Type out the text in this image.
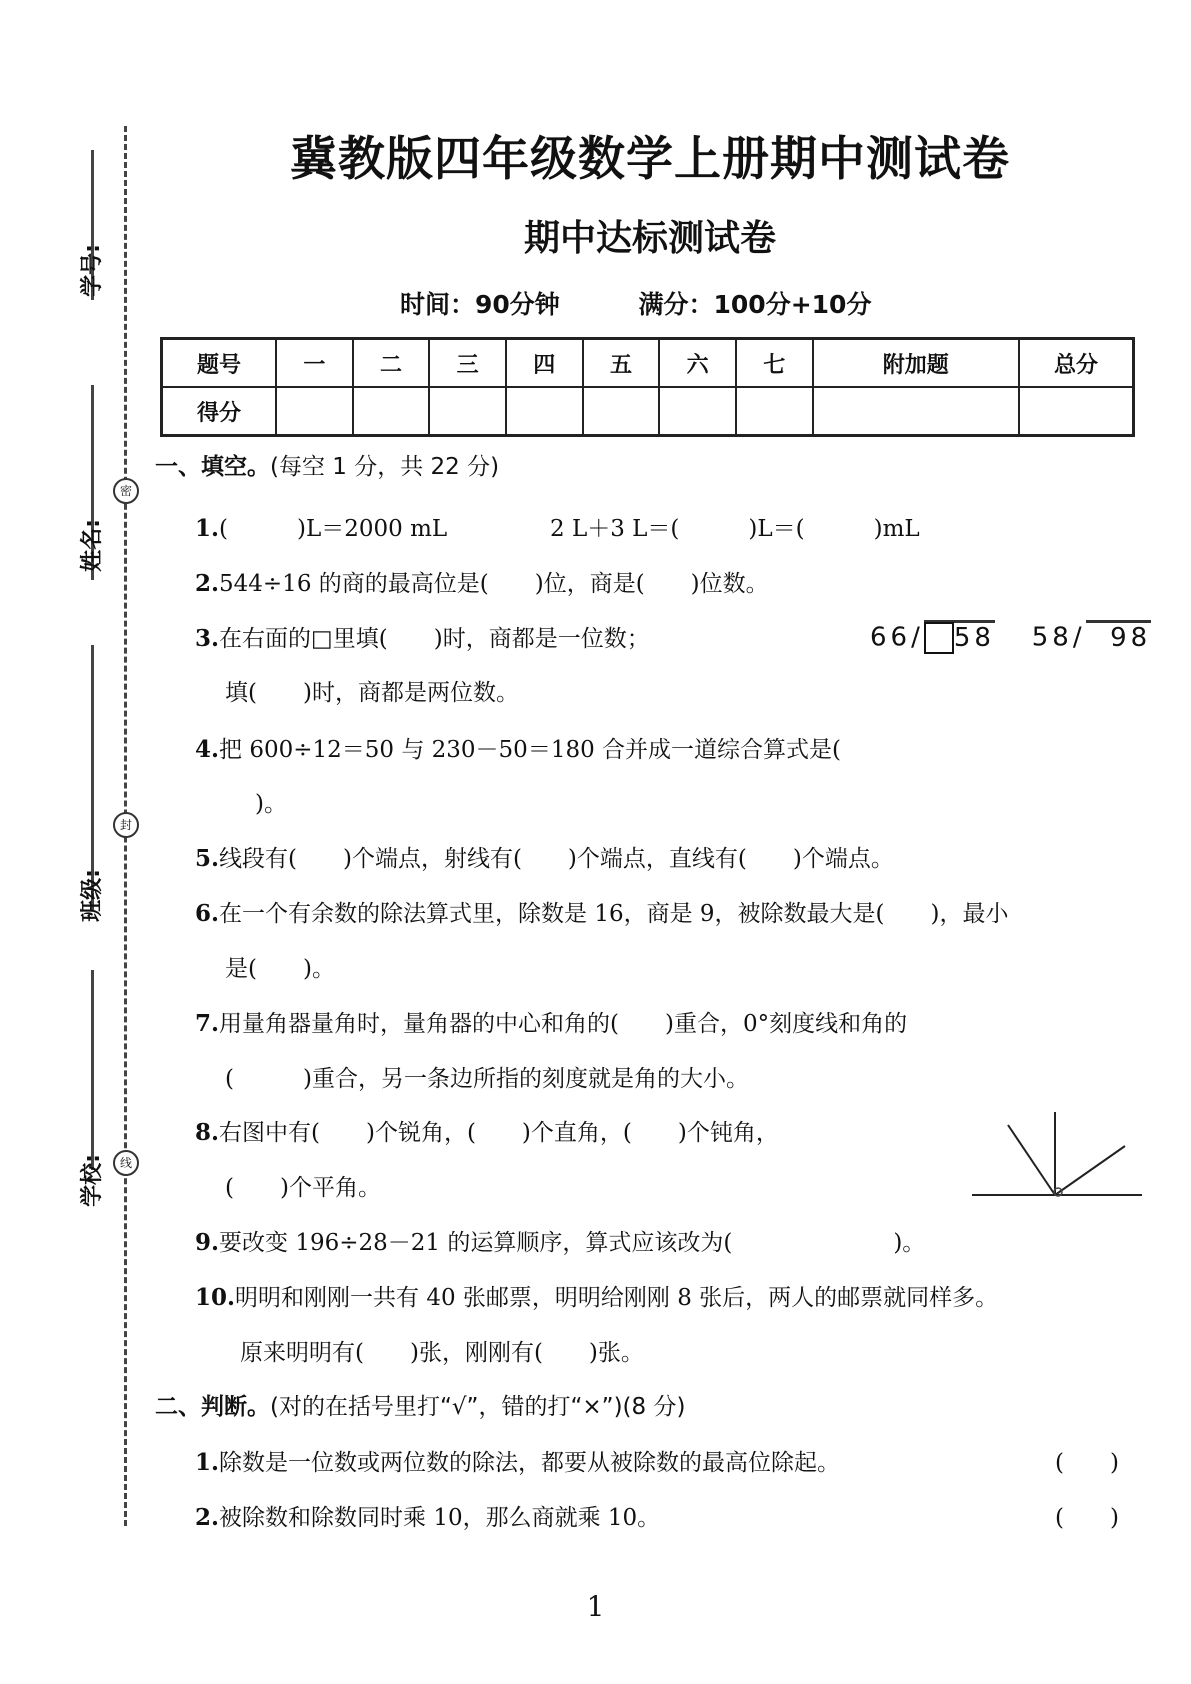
学号:
姓名:
班级:
学校:
密
封
线
冀教版四年级数学上册期中测试卷
期中达标测试卷
时间：90分钟	满分：100分+10分
题号	一	二	三	四	五	六	七	附加题	总分
得分									
一、填空。(每空 1 分，共 22 分)
1.(　　　)L＝2000 mL	2 L＋3 L＝(　　　)L＝(　　　)mL
2.544÷16 的商的最高位是(　　)位，商是(　　)位数。
3.在右面的□里填(　　)时，商都是一位数；
填(　　)时，商都是两位数。
4.把 600÷12＝50 与 230－50＝180 合并成一道综合算式是(
)。
5.线段有(　　)个端点，射线有(　　)个端点，直线有(　　)个端点。
6.在一个有余数的除法算式里，除数是 16，商是 9，被除数最大是(　　)，最小
是(　　)。
7.用量角器量角时，量角器的中心和角的(　　)重合，0°刻度线和角的
(　　　)重合，另一条边所指的刻度就是角的大小。
8.右图中有(　　)个锐角，(　　)个直角，(　　)个钝角，
(　　)个平角。
9.要改变 196÷28－21 的运算顺序，算式应该改为(　　　　　　　)。
10.明明和刚刚一共有 40 张邮票，明明给刚刚 8 张后，两人的邮票就同样多。
原来明明有(　　)张，刚刚有(　　)张。
二、判断。(对的在括号里打“√”，错的打“×”)(8 分)
1.除数是一位数或两位数的除法，都要从被除数的最高位除起。	(　　)
2.被除数和除数同时乘 10，那么商就乘 10。	(　　)
66/ 58 58/ 98
1
